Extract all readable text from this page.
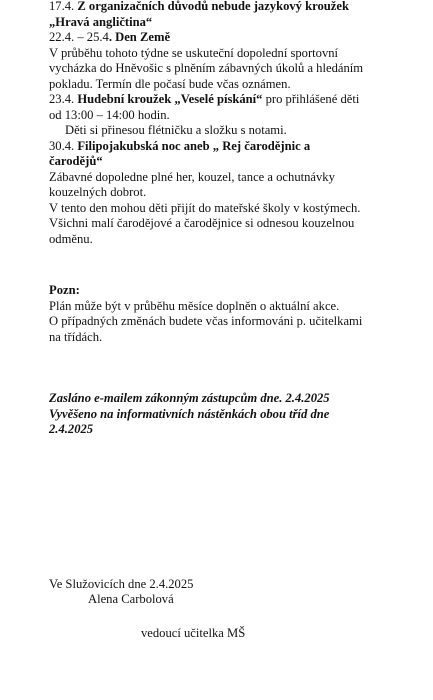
17.4. Z organizačních důvodů nebude jazykový kroužek

„Hravá angličtina“

22.4. – 25.4. Den Země

V průběhu tohoto týdne se uskuteční dopolední sportovní

vycházka do Hněvošic s plněním zábavných úkolů a hledáním

pokladu. Termín dle počasí bude včas oznámen.

23.4. Hudební kroužek „Veselé pískání“ pro přihlášené děti

od 13:00 – 14:00 hodin.

Děti si přinesou flétničku a složku s notami.

30.4. Filipojakubská noc aneb „ Rej čarodějnic a

čarodějů“

Zábavné dopoledne plné her, kouzel, tance a ochutnávky

kouzelných dobrot.

V tento den mohou děti přijít do mateřské školy v kostýmech.

Všichni malí čarodějové a čarodějnice si odnesou kouzelnou

odměnu.

Pozn:

Plán může být v průběhu měsíce doplněn o aktuální akce.

O případných změnách budete včas informováni p. učitelkami

na třídách.

Zasláno e-mailem zákonným zástupcům dne. 2.4.2025

Vyvěšeno na informativních nástěnkách obou tříd dne

2.4.2025

Ve Služovicích dne 2.4.2025

Alena Carbolová

vedoucí učitelka MŠ
